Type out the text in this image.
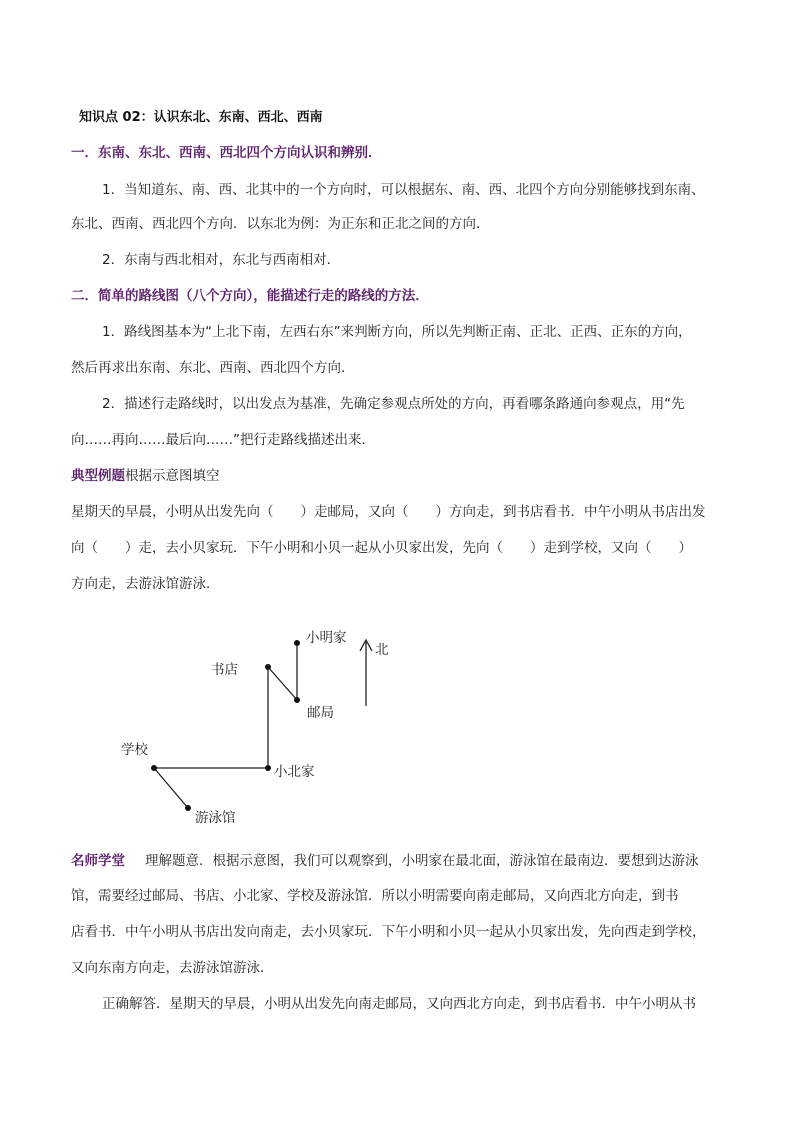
知识点 02：认识东北、东南、西北、西南
一．东南、东北、西南、西北四个方向认识和辨别．
1．当知道东、南、西、北其中的一个方向时，可以根据东、南、西、北四个方向分别能够找到东南、
东北、西南、西北四个方向．以东北为例：为正东和正北之间的方向．
2．东南与西北相对，东北与西南相对．
二．简单的路线图（八个方向），能描述行走的路线的方法．
1．路线图基本为“上北下南，左西右东”来判断方向，所以先判断正南、正北、正西、正东的方向，
然后再求出东南、东北、西南、西北四个方向．
2．描述行走路线时，以出发点为基准，先确定参观点所处的方向，再看哪条路通向参观点，用“先
向……再向……最后向……”把行走路线描述出来．
典型例题根据示意图填空
星期天的早晨，小明从出发先向（　　）走邮局，又向（　　）方向走，到书店看书．中午小明从书店出发
向（　　）走，去小贝家玩．下午小明和小贝一起从小贝家出发，先向（　　）走到学校，又向（　　）
方向走，去游泳馆游泳．
小明家
北
书店
邮局
学校
小北家
游泳馆
名师学堂 理解题意．根据示意图，我们可以观察到，小明家在最北面，游泳馆在最南边．要想到达游泳
馆，需要经过邮局、书店、小北家、学校及游泳馆．所以小明需要向南走邮局，又向西北方向走，到书
店看书．中午小明从书店出发向南走，去小贝家玩．下午小明和小贝一起从小贝家出发，先向西走到学校，
又向东南方向走，去游泳馆游泳．
正确解答．星期天的早晨，小明从出发先向南走邮局，又向西北方向走，到书店看书．中午小明从书
